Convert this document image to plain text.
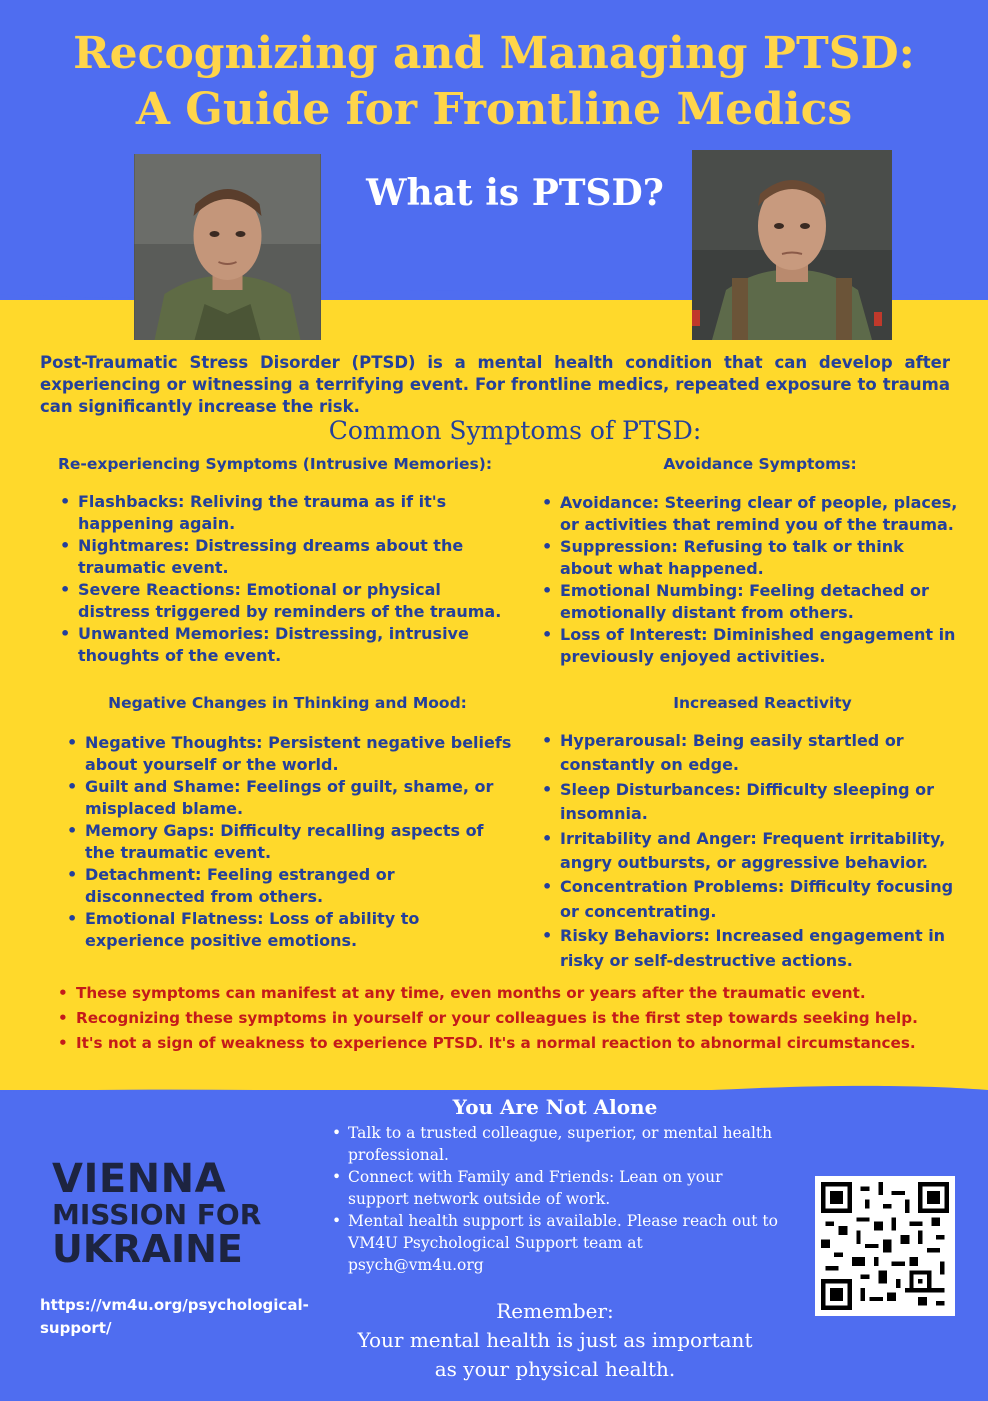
Recognizing and Managing PTSD:
A Guide for Frontline Medics
What is PTSD?

Post-Traumatic Stress Disorder (PTSD) is a mental health condition that can develop after experiencing or witnessing a terrifying event. For frontline medics, repeated exposure to trauma can significantly increase the risk.

Common Symptoms of PTSD:
Re-experiencing Symptoms (Intrusive Memories):
• Flashbacks: Reliving the trauma as if it's happening again.
• Nightmares: Distressing dreams about the traumatic event.
• Severe Reactions: Emotional or physical distress triggered by reminders of the trauma.
• Unwanted Memories: Distressing, intrusive thoughts of the event.
Avoidance Symptoms:
• Avoidance: Steering clear of people, places, or activities that remind you of the trauma.
• Suppression: Refusing to talk or think about what happened.
• Emotional Numbing: Feeling detached or emotionally distant from others.
• Loss of Interest: Diminished engagement in previously enjoyed activities.
Negative Changes in Thinking and Mood:
• Negative Thoughts: Persistent negative beliefs about yourself or the world.
• Guilt and Shame: Feelings of guilt, shame, or misplaced blame.
• Memory Gaps: Difficulty recalling aspects of the traumatic event.
• Detachment: Feeling estranged or disconnected from others.
• Emotional Flatness: Loss of ability to experience positive emotions.
Increased Reactivity
• Hyperarousal: Being easily startled or constantly on edge.
• Sleep Disturbances: Difficulty sleeping or insomnia.
• Irritability and Anger: Frequent irritability, angry outbursts, or aggressive behavior.
• Concentration Problems: Difficulty focusing or concentrating.
• Risky Behaviors: Increased engagement in risky or self-destructive actions.
• These symptoms can manifest at any time, even months or years after the traumatic event.
• Recognizing these symptoms in yourself or your colleagues is the first step towards seeking help.
• It's not a sign of weakness to experience PTSD. It's a normal reaction to abnormal circumstances.
VIENNA
MISSION FOR
UKRAINE
https://vm4u.org/psychological-support/
You Are Not Alone
• Talk to a trusted colleague, superior, or mental health professional.
• Connect with Family and Friends: Lean on your support network outside of work.
• Mental health support is available. Please reach out to VM4U Psychological Support team at psych@vm4u.org
Remember:
Your mental health is just as important
as your physical health.
